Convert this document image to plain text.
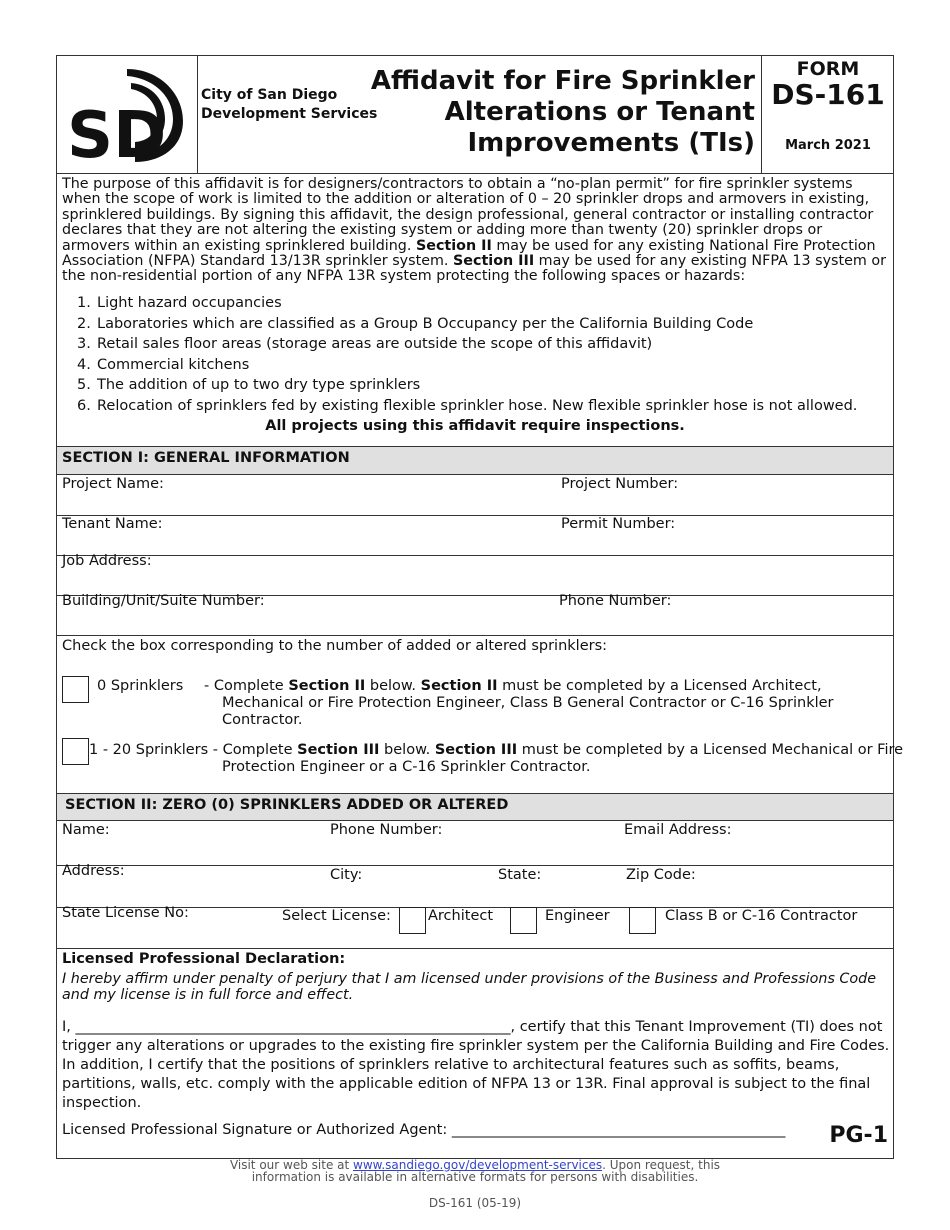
SD
City of San Diego
Development Services
Affidavit for Fire Sprinkler
Alterations or Tenant
Improvements (TIs)
FORM
DS-161
March 2021
The purpose of this affidavit is for designers/contractors to obtain a “no-plan permit” for fire sprinkler systems when the scope of work is limited to the addition or alteration of 0 – 20 sprinkler drops and armovers in existing, sprinklered buildings. By signing this affidavit, the design professional, general contractor or installing contractor declares that they are not altering the existing system or adding more than twenty (20) sprinkler drops or armovers within an existing sprinklered building. Section II may be used for any existing National Fire Protection Association (NFPA) Standard 13/13R sprinkler system. Section III may be used for any existing NFPA 13 system or the non-residential portion of any NFPA 13R system protecting the following spaces or hazards:
1. Light hazard occupancies
2. Laboratories which are classified as a Group B Occupancy per the California Building Code
3. Retail sales floor areas (storage areas are outside the scope of this affidavit)
4. Commercial kitchens
5. The addition of up to two dry type sprinklers
6. Relocation of sprinklers fed by existing flexible sprinkler hose. New flexible sprinkler hose is not allowed.
All projects using this affidavit require inspections.
SECTION I: GENERAL INFORMATION
Project Name:	Project Number:
Tenant Name:	Permit Number:
Job Address:
Building/Unit/Suite Number:	Phone Number:
Check the box corresponding to the number of added or altered sprinklers:
0 Sprinklers - Complete Section II below. Section II must be completed by a Licensed Architect,
Mechanical or Fire Protection Engineer, Class B General Contractor or C-16 Sprinkler
Contractor.
1 - 20 Sprinklers - Complete Section III below. Section III must be completed by a Licensed Mechanical or Fire
Protection Engineer or a C-16 Sprinkler Contractor.
SECTION II: ZERO (0) SPRINKLERS ADDED OR ALTERED
Name:	Phone Number:	Email Address:
Address:	City:	State:	Zip Code:
State License No:	Select License:	Architect	Engineer	Class B or C-16 Contractor
Licensed Professional Declaration:
I hereby affirm under penalty of perjury that I am licensed under provisions of the Business and Professions Code and my license is in full force and effect.
I, ____________________________________________________________, certify that this Tenant Improvement (TI) does not trigger any alterations or upgrades to the existing fire sprinkler system per the California Building and Fire Codes. In addition, I certify that the positions of sprinklers relative to architectural features such as soffits, beams, partitions, walls, etc. comply with the applicable edition of NFPA 13 or 13R. Final approval is subject to the final inspection.
Licensed Professional Signature or Authorized Agent: ______________________________________________ PG-1
Visit our web site at www.sandiego.gov/development-services. Upon request, this
information is available in alternative formats for persons with disabilities.
DS-161 (05-19)
